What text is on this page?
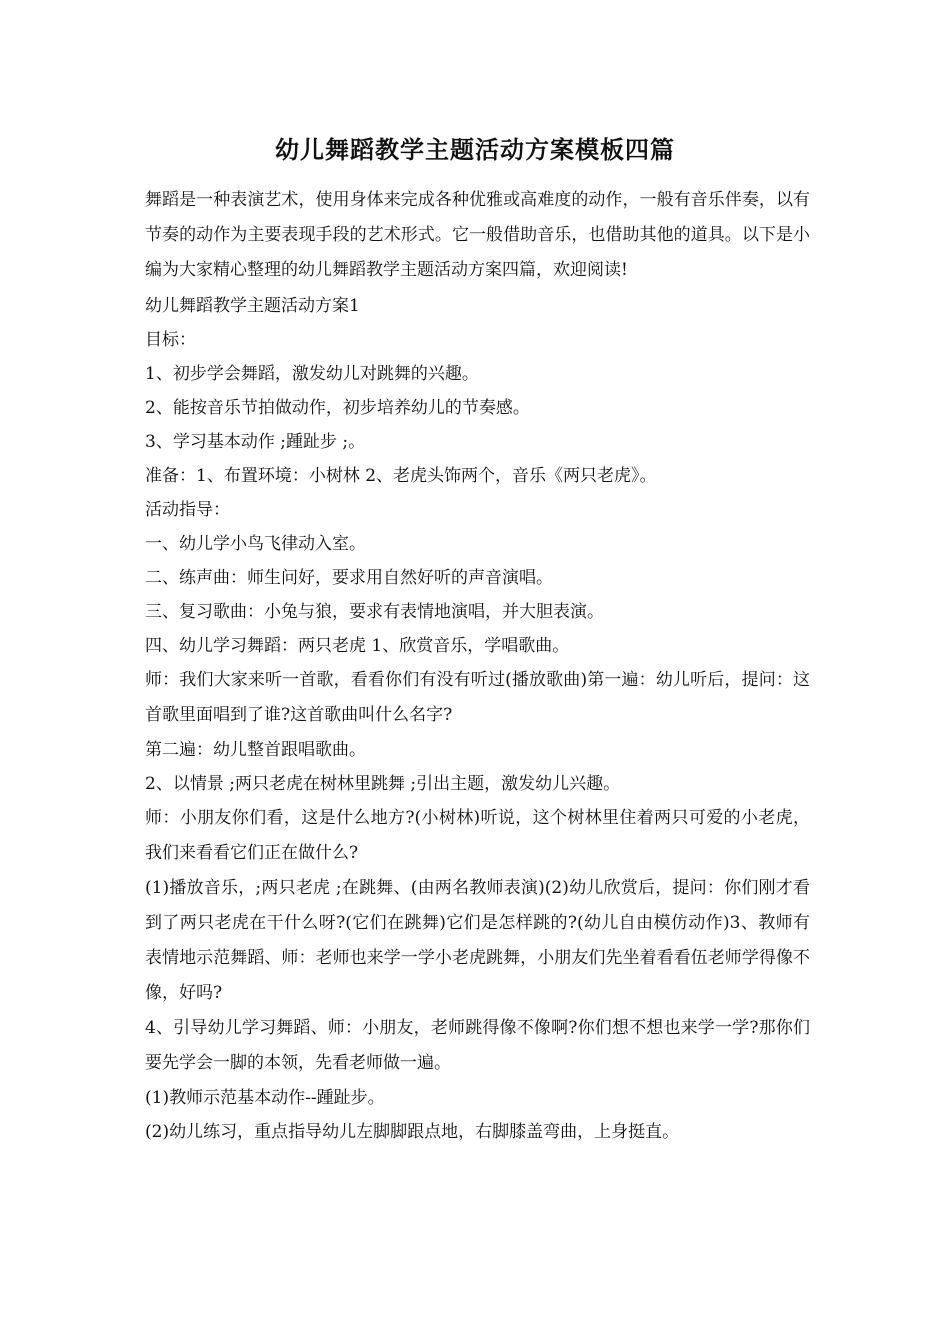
幼儿舞蹈教学主题活动方案模板四篇

舞蹈是一种表演艺术，使用身体来完成各种优雅或高难度的动作，一般有音乐伴奏，以有节奏的动作为主要表现手段的艺术形式。它一般借助音乐，也借助其他的道具。以下是小编为大家精心整理的幼儿舞蹈教学主题活动方案四篇，欢迎阅读!

幼儿舞蹈教学主题活动方案1

目标：

1、初步学会舞蹈，激发幼儿对跳舞的兴趣。

2、能按音乐节拍做动作，初步培养幼儿的节奏感。

3、学习基本动作 ;踵趾步 ;。

准备：1、布置环境：小树林 2、老虎头饰两个，音乐《两只老虎》。

活动指导：

一、幼儿学小鸟飞律动入室。

二、练声曲：师生问好，要求用自然好听的声音演唱。

三、复习歌曲：小兔与狼，要求有表情地演唱，并大胆表演。

四、幼儿学习舞蹈：两只老虎 1、欣赏音乐，学唱歌曲。

师：我们大家来听一首歌，看看你们有没有听过(播放歌曲)第一遍：幼儿听后，提问：这首歌里面唱到了谁?这首歌曲叫什么名字?

第二遍：幼儿整首跟唱歌曲。

2、以情景 ;两只老虎在树林里跳舞 ;引出主题，激发幼儿兴趣。

师：小朋友你们看，这是什么地方?(小树林)听说，这个树林里住着两只可爱的小老虎，我们来看看它们正在做什么?

(1)播放音乐，;两只老虎 ;在跳舞、(由两名教师表演)(2)幼儿欣赏后，提问：你们刚才看到了两只老虎在干什么呀?(它们在跳舞)它们是怎样跳的?(幼儿自由模仿动作)3、教师有表情地示范舞蹈、师：老师也来学一学小老虎跳舞，小朋友们先坐着看看伍老师学得像不像，好吗?

4、引导幼儿学习舞蹈、师：小朋友，老师跳得像不像啊?你们想不想也来学一学?那你们要先学会一脚的本领，先看老师做一遍。

(1)教师示范基本动作--踵趾步。

(2)幼儿练习，重点指导幼儿左脚脚跟点地，右脚膝盖弯曲，上身挺直。
